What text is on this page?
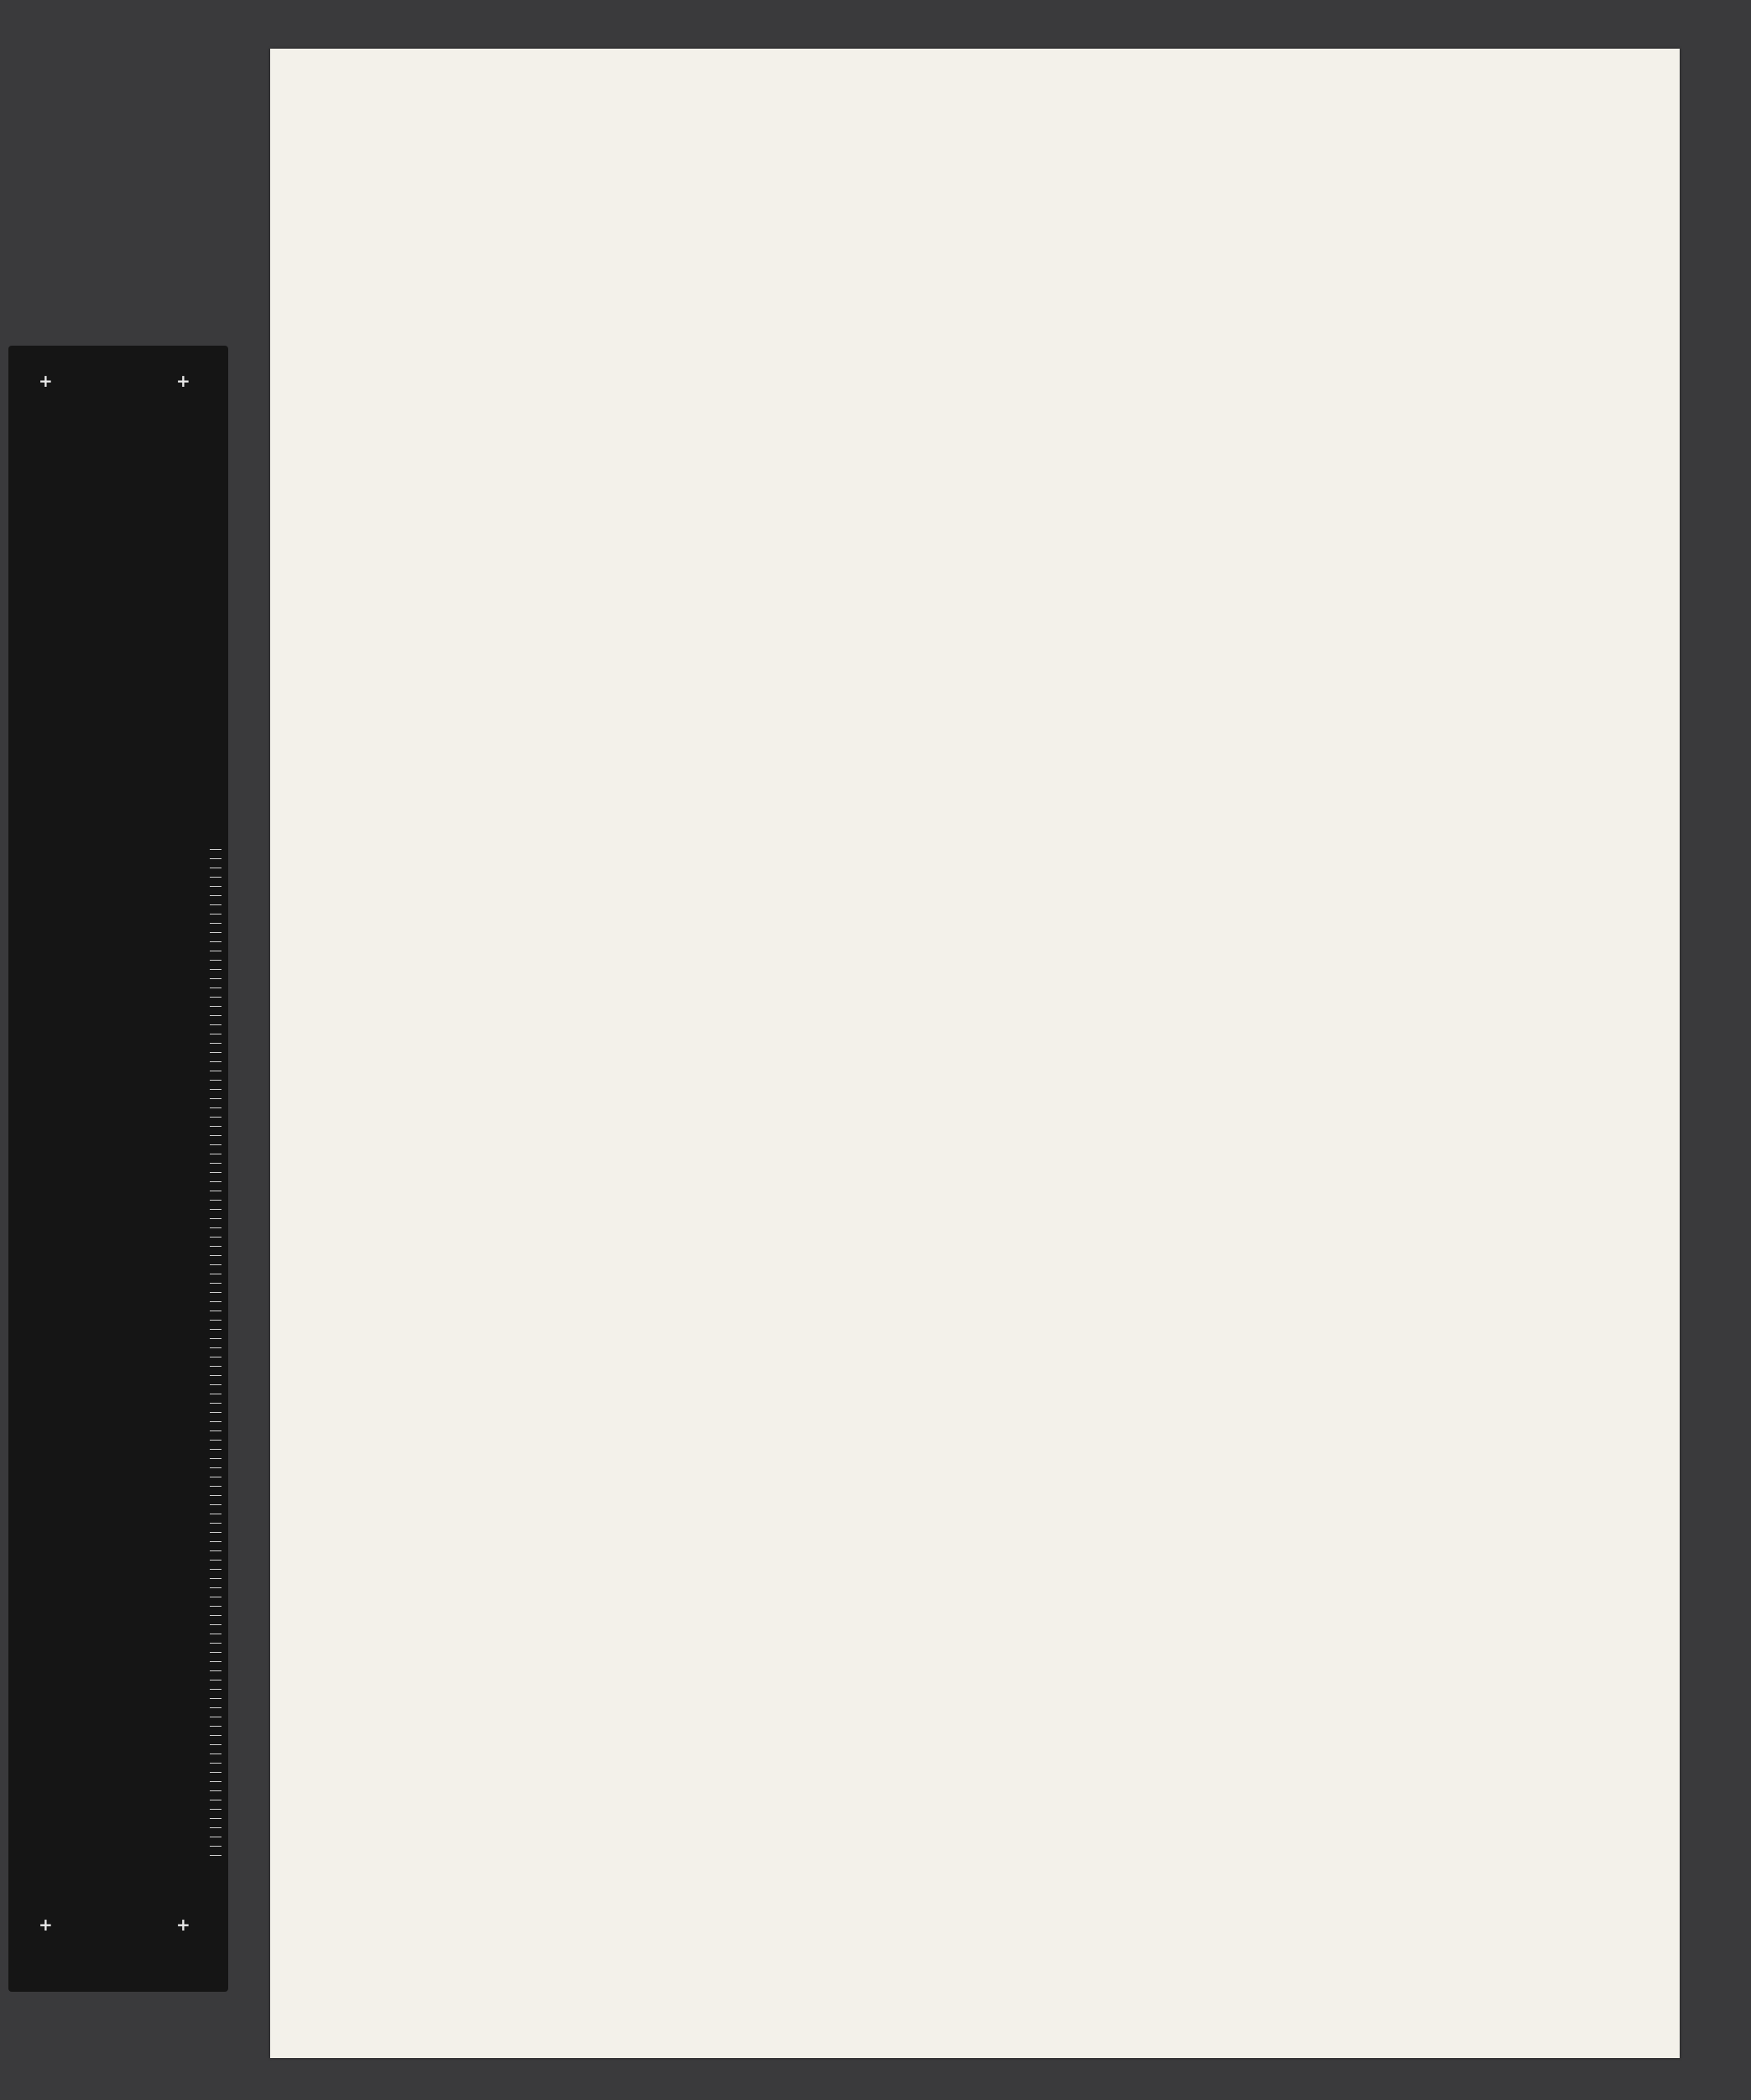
+	+
+	+
